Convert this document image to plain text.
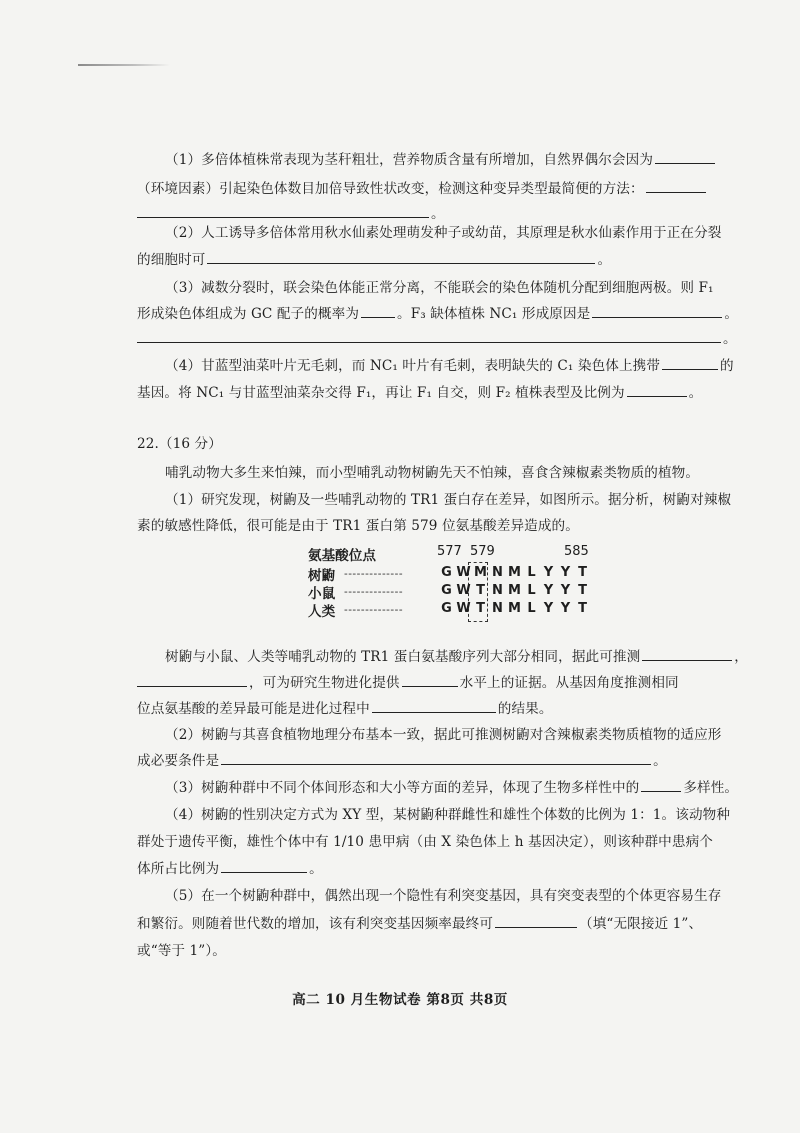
（1）多倍体植株常表现为茎秆粗壮，营养物质含量有所增加，自然界偶尔会因为
（环境因素）引起染色体数目加倍导致性状改变，检测这种变异类型最简便的方法：
。
（2）人工诱导多倍体常用秋水仙素处理萌发种子或幼苗，其原理是秋水仙素作用于正在分裂
的细胞时可	。
（3）减数分裂时，联会染色体能正常分离，不能联会的染色体随机分配到细胞两极。则 F₁
形成染色体组成为 GC 配子的概率为	。F₃ 缺体植株 NC₁ 形成原因是	。
。
（4）甘蓝型油菜叶片无毛刺，而 NC₁ 叶片有毛刺，表明缺失的 C₁ 染色体上携带	的
基因。将 NC₁ 与甘蓝型油菜杂交得 F₁，再让 F₁ 自交，则 F₂ 植株表型及比例为	。
22.（16 分）
哺乳动物大多生来怕辣，而小型哺乳动物树鼩先天不怕辣，喜食含辣椒素类物质的植物。
（1）研究发现，树鼩及一些哺乳动物的 TR1 蛋白存在差异，如图所示。据分析，树鼩对辣椒
素的敏感性降低，很可能是由于 TR1 蛋白第 579 位氨基酸差异造成的。
氨基酸位点	577 579	585
树鼩 --------------	G W M N M L Y Y T
小鼠 --------------	G W T N M L Y Y T
人类 --------------	G W T N M L Y Y T
树鼩与小鼠、人类等哺乳动物的 TR1 蛋白氨基酸序列大部分相同，据此可推测	，
，可为研究生物进化提供	水平上的证据。从基因角度推测相同
位点氨基酸的差异最可能是进化过程中	的结果。
（2）树鼩与其喜食植物地理分布基本一致，据此可推测树鼩对含辣椒素类物质植物的适应形
成必要条件是	。
（3）树鼩种群中不同个体间形态和大小等方面的差异，体现了生物多样性中的	多样性。
（4）树鼩的性别决定方式为 XY 型，某树鼩种群雌性和雄性个体数的比例为 1：1。该动物种
群处于遗传平衡，雄性个体中有 1/10 患甲病（由 X 染色体上 h 基因决定），则该种群中患病个
体所占比例为	。
（5）在一个树鼩种群中，偶然出现一个隐性有利突变基因，具有突变表型的个体更容易生存
和繁衍。则随着世代数的增加，该有利突变基因频率最终可	（填“无限接近 1”、
或“等于 1”）。
高二 10 月生物试卷 第8页 共8页
